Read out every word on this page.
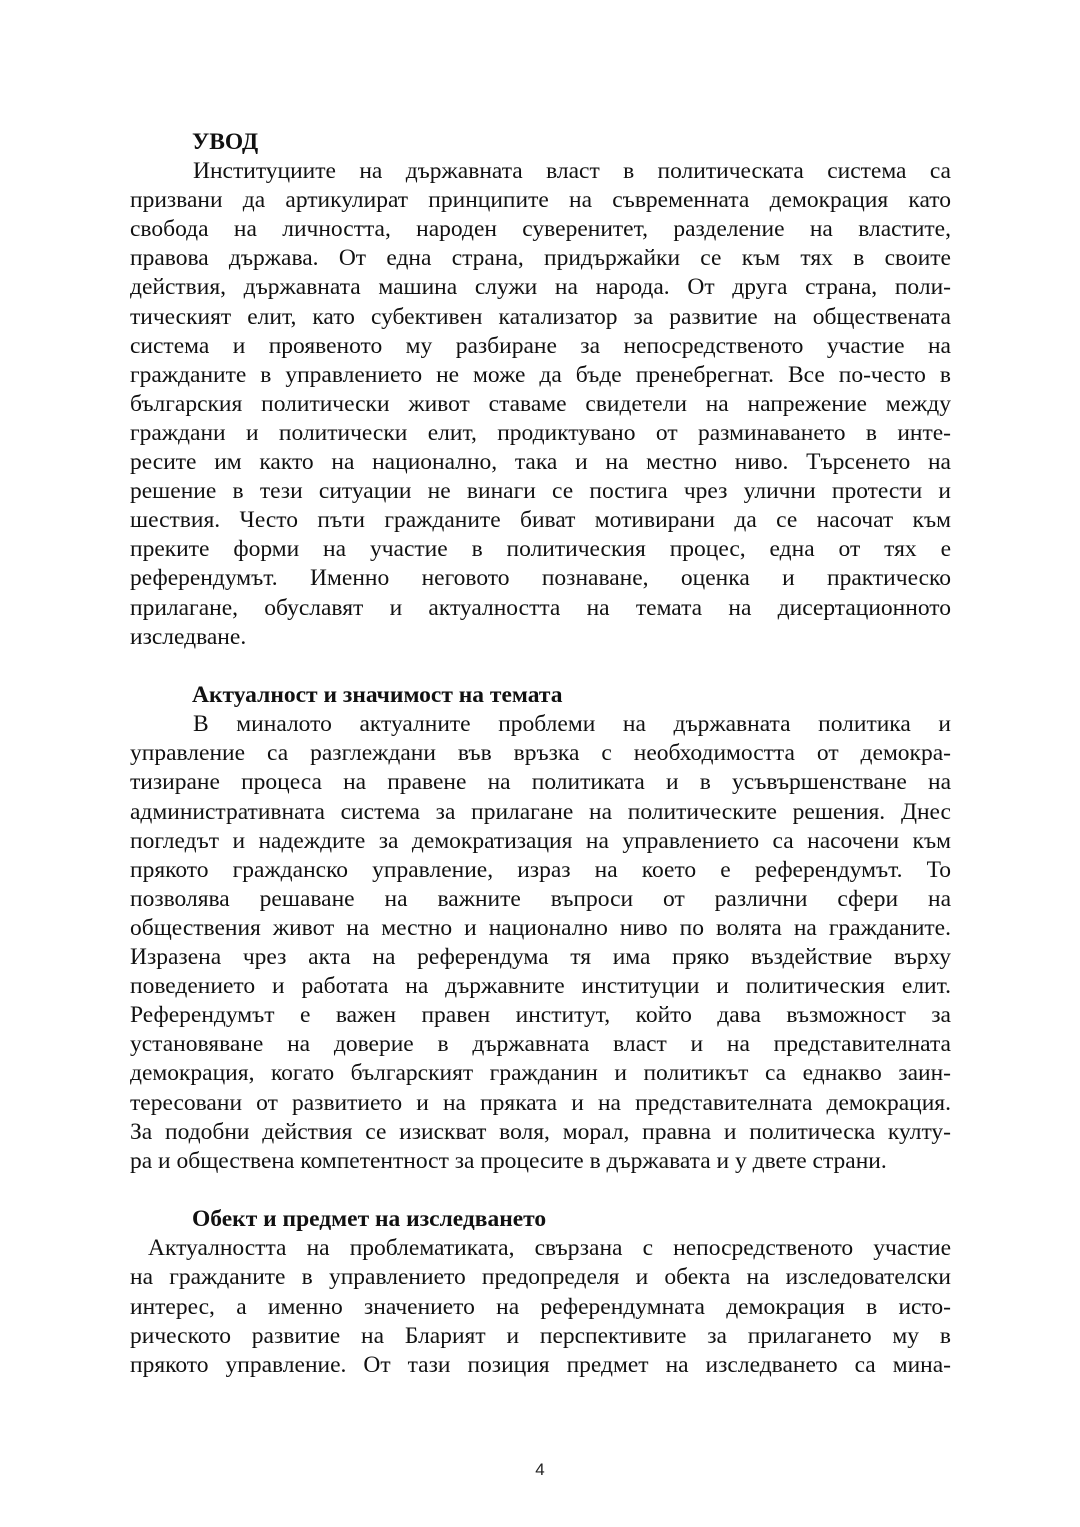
УВОД
Институциите на държавната власт в политическата система са
призвани да артикулират принципите на съвременната демокрация като
свобода на личността, народен суверенитет, разделение на властите,
правова държава. От една страна, придържайки се към тях в своите
действия, държавната машина служи на народа. От друга страна, поли-
тическият елит, като субективен катализатор за развитие на обществената
система и проявеното му разбиране за непосредственото участие на
гражданите в управлението не може да бъде пренебрегнат. Все по-често в
българския политически живот ставаме свидетели на напрежение между
граждани и политически елит, продиктувано от разминаването в инте-
ресите им както на национално, така и на местно ниво. Търсенето на
решение в тези ситуации не винаги се постига чрез улични протести и
шествия. Често пъти гражданите биват мотивирани да се насочат към
преките форми на участие в политическия процес, една от тях е
референдумът. Именно неговото познаване, оценка и практическо
прилагане, обуславят и актуалността на темата на дисертационното
изследване.
Актуалност и значимост на темата
В миналото актуалните проблеми на държавната политика и
управление са разглеждани във връзка с необходимостта от демокра-
тизиране процеса на правене на политиката и в усъвършенстване на
административната система за прилагане на политическите решения. Днес
погледът и надеждите за демократизация на управлението са насочени към
прякото гражданско управление, израз на което е референдумът. То
позволява решаване на важните въпроси от различни сфери на
обществения живот на местно и национално ниво по волята на гражданите.
Изразена чрез акта на референдума тя има пряко въздействие върху
поведението и работата на държавните институции и политическия елит.
Референдумът е важен правен институт, който дава възможност за
установяване на доверие в държавната власт и на представителната
демокрация, когато българският гражданин и политикът са еднакво заин-
тересовани от развитието и на пряката и на представителната демокрация.
За подобни действия се изискват воля, морал, правна и политическа култу-
ра и обществена компетентност за процесите в държавата и у двете страни.
Обект и предмет на изследването
Актуалността на проблематиката, свързана с непосредственото участие
на гражданите в управлението предопределя и обекта на изследователски
интерес, а именно значението на референдумната демокрация в исто-
рическото развитие на Бларият и перспективите за прилагането му в
прякото управление. От тази позиция предмет на изследването са мина-
4
